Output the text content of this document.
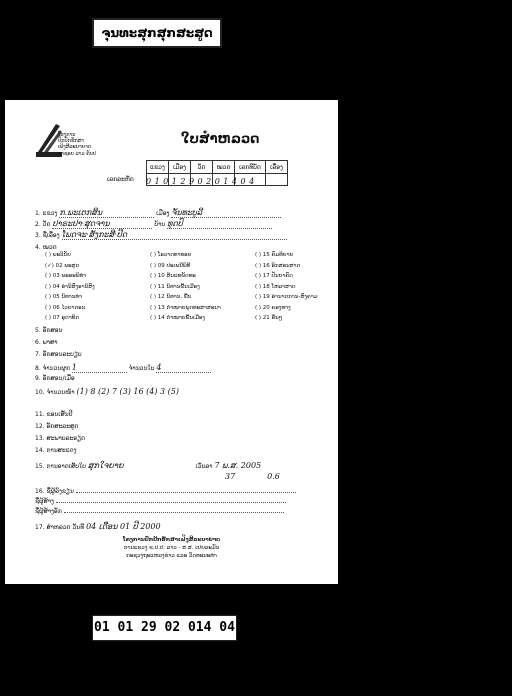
ຈຸນທະສຸກສຸກສະສູດ
ໂຮງການ
ປົກປັກຮັກສາ
ເຟິງສີລະນາຍາດ
ລາຊອຍ ລາວ ຄັບປ
ໃບສຳຫລວດ
ແຂວງ	ເມືອງ	ວັດ	ໝວດ	ເລກທີບັດ	ເລື່ອງ

ເລກລະຫັດ 0101290201404
1. ແຂວງ ກ.ພະເຕກສິນ	ເມືອງ ຈັນທະບູລີ
2. ວັດ ປາຣະປາ·ສຸດຈານ	ບ້ານ ທູດປົ
3. ຊື່ເລື່ອງ ໂພດຈະ·ສັງກະສີ·ປີດ
4. ໝວດ
( ) ພະວິນັຍ	( ) ໂອວາດທາທອຍ	( ) 15 ຄົມທິຍາຍ
(✓) 02 ພະສູດ	( ) 09 ປະເພນີພິທີ	( ) 16 ອິກສອນສາດ
( ) 03 ພະອະພິທຳ	( ) 10 ສິນແທພັດທະ	( ) 17 ປັນຍາຄົດ
( ) 04 ອຳນິສົງອານິສົງ	( ) 11 ນິທານພື້ນເມືອງ	( ) 18 ໂຫລາສາດ
( ) 05 ນິທານທຳ	( ) 12 ນິທານ, ພື້ນ	( ) 19 ອຳນາດການ-ສົງຄາມ
( ) 06 ໄວຍາກອນ	( ) 13 ກຳໝາຍພຸດທະສາສະນາ	( ) 20 ຄອງທາງ
( ) 07 ອຸດາທິກ	( ) 14 ກຳໝາຍພື້ນເມືອງ	( ) 21 ອື່ນໆ
5. ອັກສອນ
6. ພາສາ
7. ອັກສອນລະບຽບ
8. ຈຳນວນຜູກ 1	ຈຳນວນໃບ 4
9. ອັກສອນ/ເມື່ອ
10. ຈຳນວນໜ້າ (1) 8 (2) 7 (3) 16 (4) 3 (5)
11. ຂອນເສັ້ນປີ
12. ອັກສະລະສູດ
13. ສະພາບລະອຽດ
14. ການສະແດງ
15. ການອາດເສັບໃບ ສຸກໃຈຍາຍ	ເວັບລາ 7 ພ.ສ. 2005
37	0.6
16. ຊື່ຜູ້ລົງຂຽນ
ຊື່ຜູ້ສ້າງ
ຊື່ຜູ້ສ້າງອັກ
17. ສຳຫລວດ ວັນທີ 04 ເດືອນ 01 ປີ 2000
ໂຄງການປົກປັກຮັກສາເຟິງສີລະນາຍາດ
ການແຂວງ ຂ.ປ.ປ. ລາວ - ສ.ສ. ເຢຍລະມັນ
ກະຊວງຖະແຫລງຂ່າວ ແລະ ວັດທະນະທຳ
01 01 29 02 014 04
